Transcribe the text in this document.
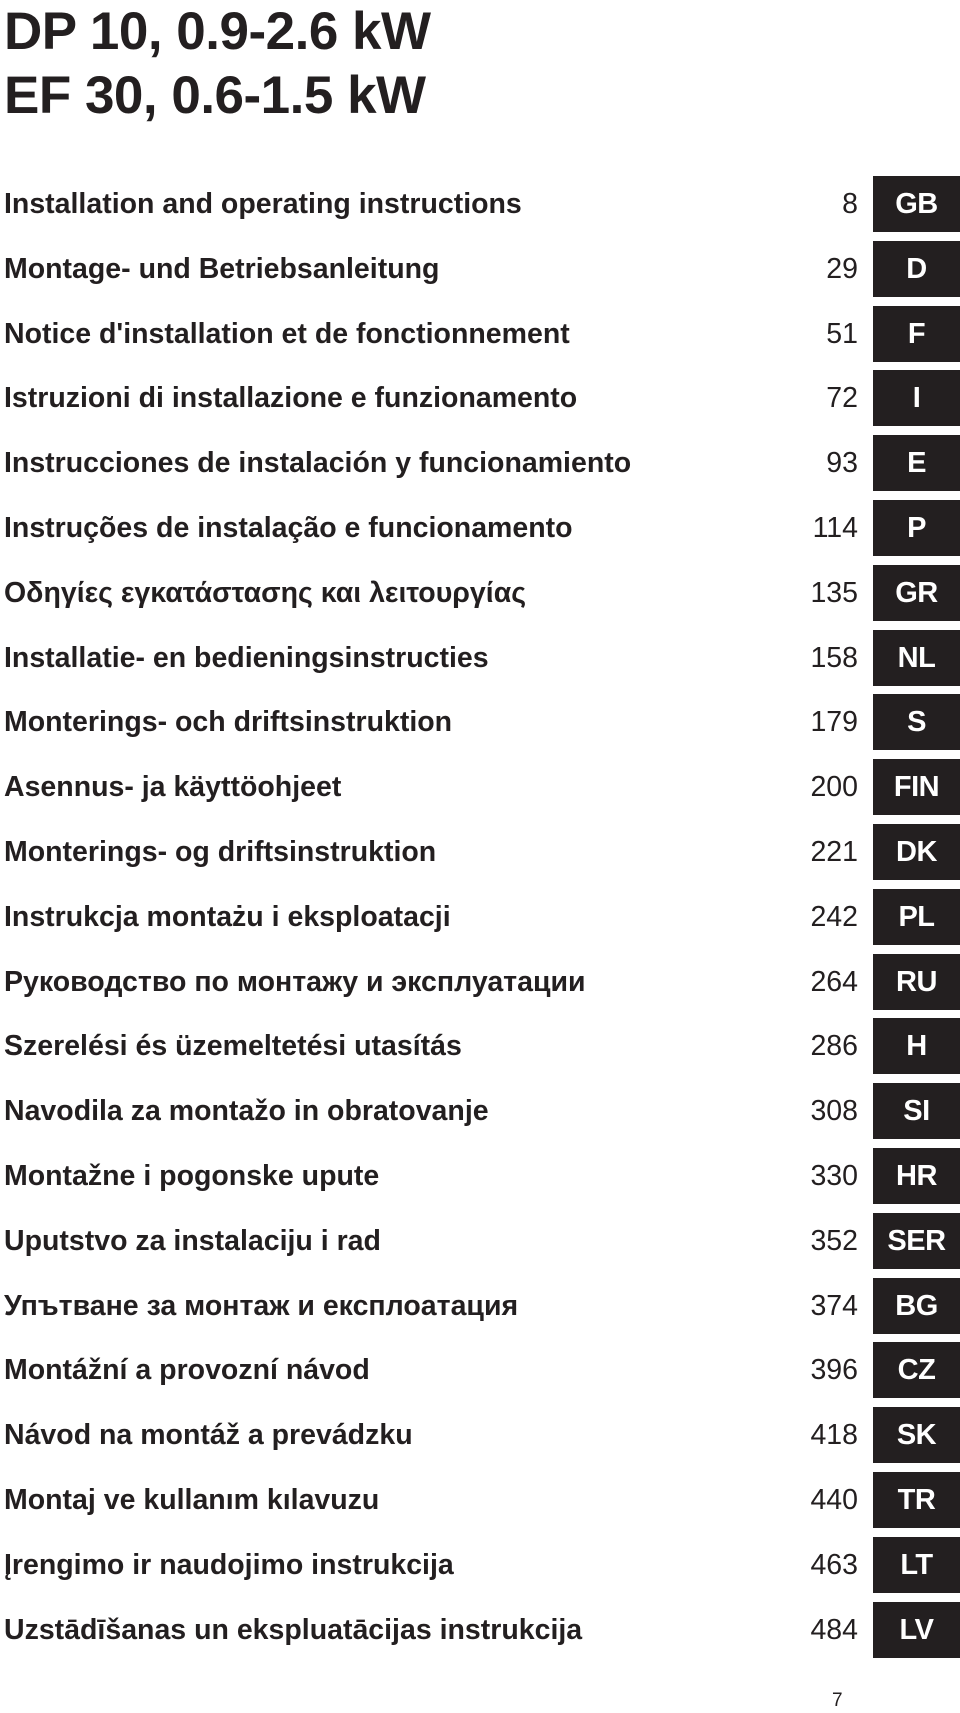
DP 10, 0.9-2.6 kW
EF 30, 0.6-1.5 kW
Installation and operating instructions	8	GB
Montage- und Betriebsanleitung	29	D
Notice d'installation et de fonctionnement	51	F
Istruzioni di installazione e funzionamento	72	I
Instrucciones de instalación y funcionamiento	93	E
Instruções de instalação e funcionamento	114	P
Οδηγίες εγκατάστασης και λειτουργίας	135	GR
Installatie- en bedieningsinstructies	158	NL
Monterings- och driftsinstruktion	179	S
Asennus- ja käyttöohjeet	200	FIN
Monterings- og driftsinstruktion	221	DK
Instrukcja montażu i eksploatacji	242	PL
Руководство по монтажу и эксплуатации	264	RU
Szerelési és üzemeltetési utasítás	286	H
Navodila za montažo in obratovanje	308	SI
Montažne i pogonske upute	330	HR
Uputstvo za instalaciju i rad	352	SER
Упътване за монтаж и експлоатация	374	BG
Montážní a provozní návod	396	CZ
Návod na montáž a prevádzku	418	SK
Montaj ve kullanım kılavuzu	440	TR
Įrengimo ir naudojimo instrukcija	463	LT
Uzstādīšanas un ekspluatācijas instrukcija	484	LV
7
